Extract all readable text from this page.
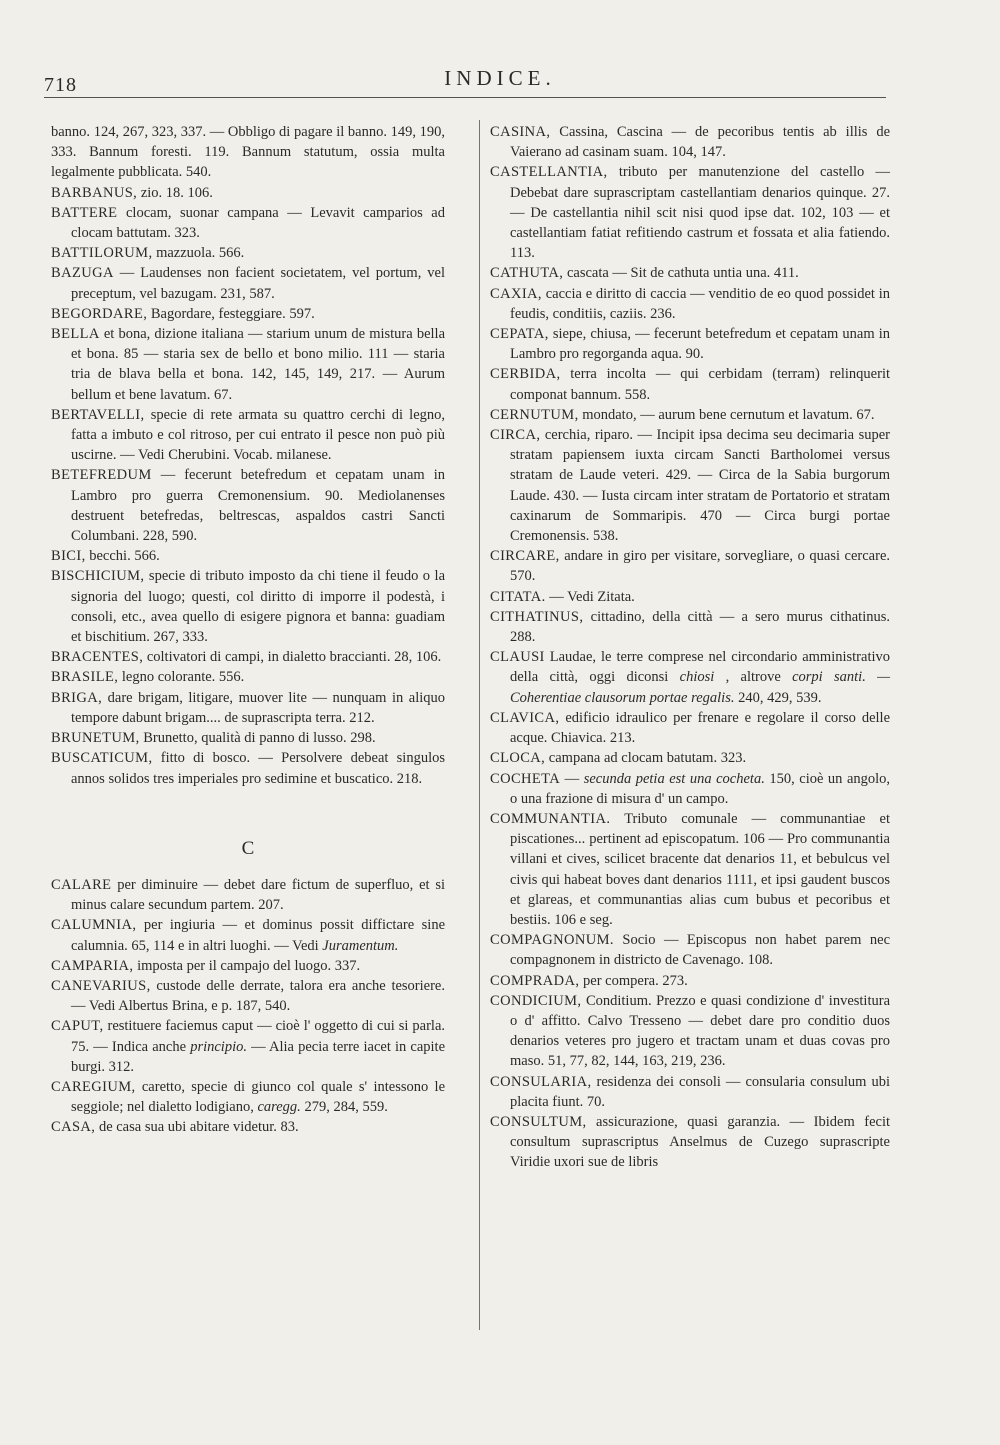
718	INDICE.

banno. 124, 267, 323, 337. — Obbligo di pagare il banno. 149, 190, 333. Bannum foresti. 119. Bannum statutum, ossia multa legalmente pubblicata. 540.

BARBANUS, zio. 18. 106.

BATTERE clocam, suonar campana — Levavit camparios ad clocam battutam. 323.

BATTILORUM, mazzuola. 566.

BAZUGA — Laudenses non facient societatem, vel portum, vel preceptum, vel bazugam. 231, 587.

BEGORDARE, Bagordare, festeggiare. 597.

BELLA et bona, dizione italiana — starium unum de mistura bella et bona. 85 — staria sex de bello et bono milio. 111 — staria tria de blava bella et bona. 142, 145, 149, 217. — Aurum bellum et bene lavatum. 67.

BERTAVELLI, specie di rete armata su quattro cerchi di legno, fatta a imbuto e col ritroso, per cui entrato il pesce non può più uscirne. — Vedi Cherubini. Vocab. milanese.

BETEFREDUM — fecerunt betefredum et cepatam unam in Lambro pro guerra Cremonensium. 90. Mediolanenses destruent betefredas, beltrescas, aspaldos castri Sancti Columbani. 228, 590.

BICI, becchi. 566.

BISCHICIUM, specie di tributo imposto da chi tiene il feudo o la signoria del luogo; questi, col diritto di imporre il podestà, i consoli, etc., avea quello di esigere pignora et banna: guadiam et bischitium. 267, 333.

BRACENTES, coltivatori di campi, in dialetto braccianti. 28, 106.

BRASILE, legno colorante. 556.

BRIGA, dare brigam, litigare, muover lite — nunquam in aliquo tempore dabunt brigam.... de suprascripta terra. 212.

BRUNETUM, Brunetto, qualità di panno di lusso. 298.

BUSCATICUM, fitto di bosco. — Persolvere debeat singulos annos solidos tres imperiales pro sedimine et buscatico. 218.

C

CALARE per diminuire — debet dare fictum de superfluo, et si minus calare secundum partem. 207.

CALUMNIA, per ingiuria — et dominus possit diffictare sine calumnia. 65, 114 e in altri luoghi. — Vedi Juramentum.

CAMPARIA, imposta per il campajo del luogo. 337.

CANEVARIUS, custode delle derrate, talora era anche tesoriere. — Vedi Albertus Brina, e p. 187, 540.

CAPUT, restituere faciemus caput — cioè l' oggetto di cui si parla. 75. — Indica anche principio. — Alia pecia terre iacet in capite burgi. 312.

CAREGIUM, caretto, specie di giunco col quale s' intessono le seggiole; nel dialetto lodigiano, caregg. 279, 284, 559.

CASA, de casa sua ubi abitare videtur. 83.

CASINA, Cassina, Cascina — de pecoribus tentis ab illis de Vaierano ad casinam suam. 104, 147.

CASTELLANTIA, tributo per manutenzione del castello — Debebat dare suprascriptam castellantiam denarios quinque. 27. — De castellantia nihil scit nisi quod ipse dat. 102, 103 — et castellantiam fatiat refitiendo castrum et fossata et alia fatiendo. 113.

CATHUTA, cascata — Sit de cathuta untia una. 411.

CAXIA, caccia e diritto di caccia — venditio de eo quod possidet in feudis, conditiis, caziis. 236.

CEPATA, siepe, chiusa, — fecerunt betefredum et cepatam unam in Lambro pro regorganda aqua. 90.

CERBIDA, terra incolta — qui cerbidam (terram) relinquerit componat bannum. 558.

CERNUTUM, mondato, — aurum bene cernutum et lavatum. 67.

CIRCA, cerchia, riparo. — Incipit ipsa decima seu decimaria super stratam papiensem iuxta circam Sancti Bartholomei versus stratam de Laude veteri. 429. — Circa de la Sabia burgorum Laude. 430. — Iusta circam inter stratam de Portatorio et stratam caxinarum de Sommaripis. 470 — Circa burgi portae Cremonensis. 538.

CIRCARE, andare in giro per visitare, sorvegliare, o quasi cercare. 570.

CITATA. — Vedi Zitata.

CITHATINUS, cittadino, della città — a sero murus cithatinus. 288.

CLAUSI Laudae, le terre comprese nel circondario amministrativo della città, oggi diconsi chiosi , altrove corpi santi. — Coherentiae clausorum portae regalis. 240, 429, 539.

CLAVICA, edificio idraulico per frenare e regolare il corso delle acque. Chiavica. 213.

CLOCA, campana ad clocam batutam. 323.

COCHETA — secunda petia est una cocheta. 150, cioè un angolo, o una frazione di misura d' un campo.

COMMUNANTIA. Tributo comunale — communantiae et piscationes... pertinent ad episcopatum. 106 — Pro communantia villani et cives, scilicet bracente dat denarios 11, et bebulcus vel civis qui habeat boves dant denarios 1111, et ipsi gaudent buscos et glareas, et communantias alias cum bubus et pecoribus et bestiis. 106 e seg.

COMPAGNONUM. Socio — Episcopus non habet parem nec compagnonem in districto de Cavenago. 108.

COMPRADA, per compera. 273.

CONDICIUM, Conditium. Prezzo e quasi condizione d' investitura o d' affitto. Calvo Tresseno — debet dare pro conditio duos denarios veteres pro jugero et tractam unam et duas covas pro maso. 51, 77, 82, 144, 163, 219, 236.

CONSULARIA, residenza dei consoli — consularia consulum ubi placita fiunt. 70.

CONSULTUM, assicurazione, quasi garanzia. — Ibidem fecit consultum suprascriptus Anselmus de Cuzego suprascripte Viridie uxori sue de libris
